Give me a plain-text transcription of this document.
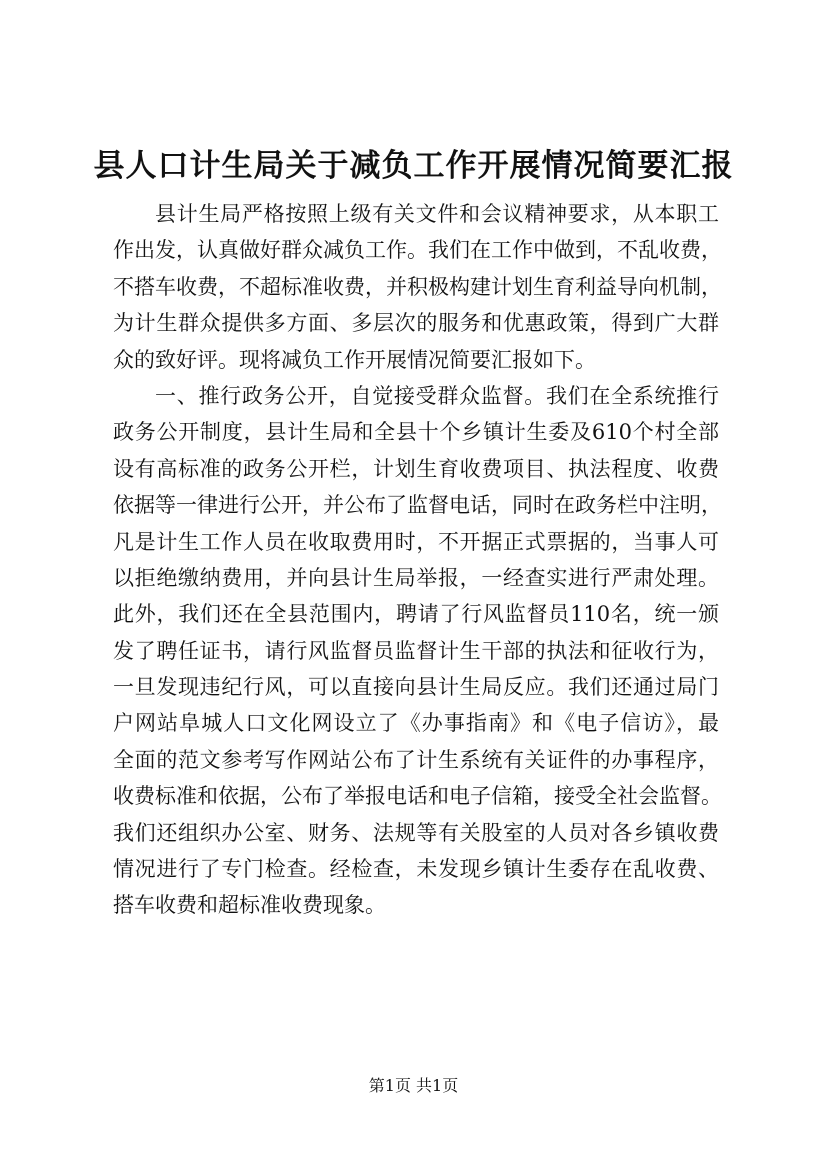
县人口计生局关于减负工作开展情况简要汇报
县计生局严格按照上级有关文件和会议精神要求，从本职工
作出发，认真做好群众减负工作。我们在工作中做到，不乱收费，
不搭车收费，不超标准收费，并积极构建计划生育利益导向机制，
为计生群众提供多方面、多层次的服务和优惠政策，得到广大群
众的致好评。现将减负工作开展情况简要汇报如下。
一、推行政务公开，自觉接受群众监督。我们在全系统推行
政务公开制度，县计生局和全县十个乡镇计生委及610个村全部
设有高标准的政务公开栏，计划生育收费项目、执法程度、收费
依据等一律进行公开，并公布了监督电话，同时在政务栏中注明，
凡是计生工作人员在收取费用时，不开据正式票据的，当事人可
以拒绝缴纳费用，并向县计生局举报，一经查实进行严肃处理。
此外，我们还在全县范围内，聘请了行风监督员110名，统一颁
发了聘任证书，请行风监督员监督计生干部的执法和征收行为，
一旦发现违纪行风，可以直接向县计生局反应。我们还通过局门
户网站阜城人口文化网设立了《办事指南》和《电子信访》，最
全面的范文参考写作网站公布了计生系统有关证件的办事程序，
收费标准和依据，公布了举报电话和电子信箱，接受全社会监督。
我们还组织办公室、财务、法规等有关股室的人员对各乡镇收费
情况进行了专门检查。经检查，未发现乡镇计生委存在乱收费、
搭车收费和超标准收费现象。
第1页 共1页
